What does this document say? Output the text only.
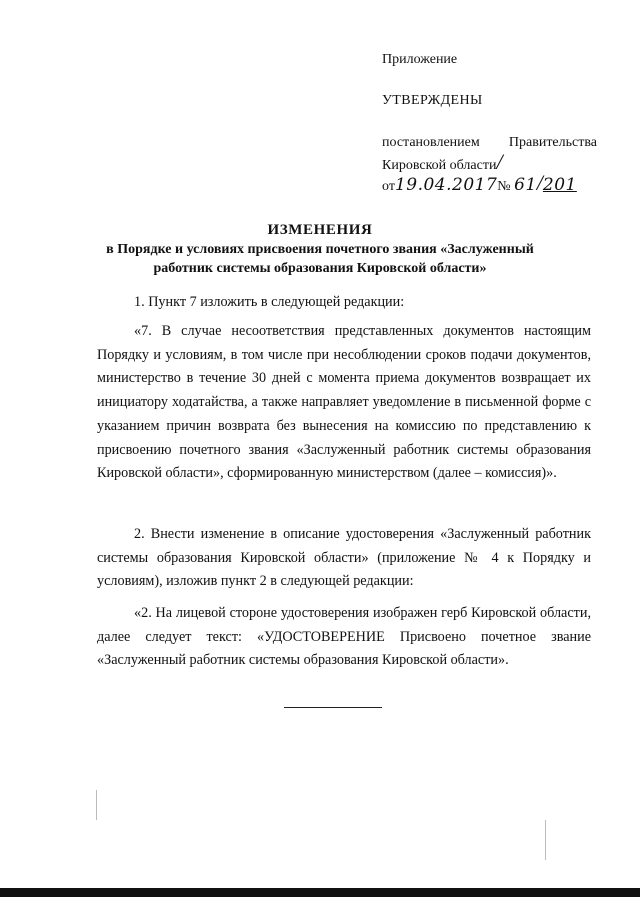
Приложение
УТВЕРЖДЕНЫ
постановлением Правительства
Кировской области/
от19.04.2017№ 61/201
ИЗМЕНЕНИЯ
в Порядке и условиях присвоения почетного звания «Заслуженный работник системы образования Кировской области»
1. Пункт 7 изложить в следующей редакции:
«7. В случае несоответствия представленных документов настоящим Порядку и условиям, в том числе при несоблюдении сроков подачи документов, министерство в течение 30 дней с момента приема документов возвращает их инициатору ходатайства, а также направляет уведомление в письменной форме с указанием причин возврата без вынесения на комиссию по представлению к присвоению почетного звания «Заслуженный работник системы образования Кировской области», сформированную министерством (далее – комиссия)».
2. Внести изменение в описание удостоверения «Заслуженный работник системы образования Кировской области» (приложение № 4 к Порядку и условиям), изложив пункт 2 в следующей редакции:
«2. На лицевой стороне удостоверения изображен герб Кировской области, далее следует текст: «УДОСТОВЕРЕНИЕ Присвоено почетное звание «Заслуженный работник системы образования Кировской области».
